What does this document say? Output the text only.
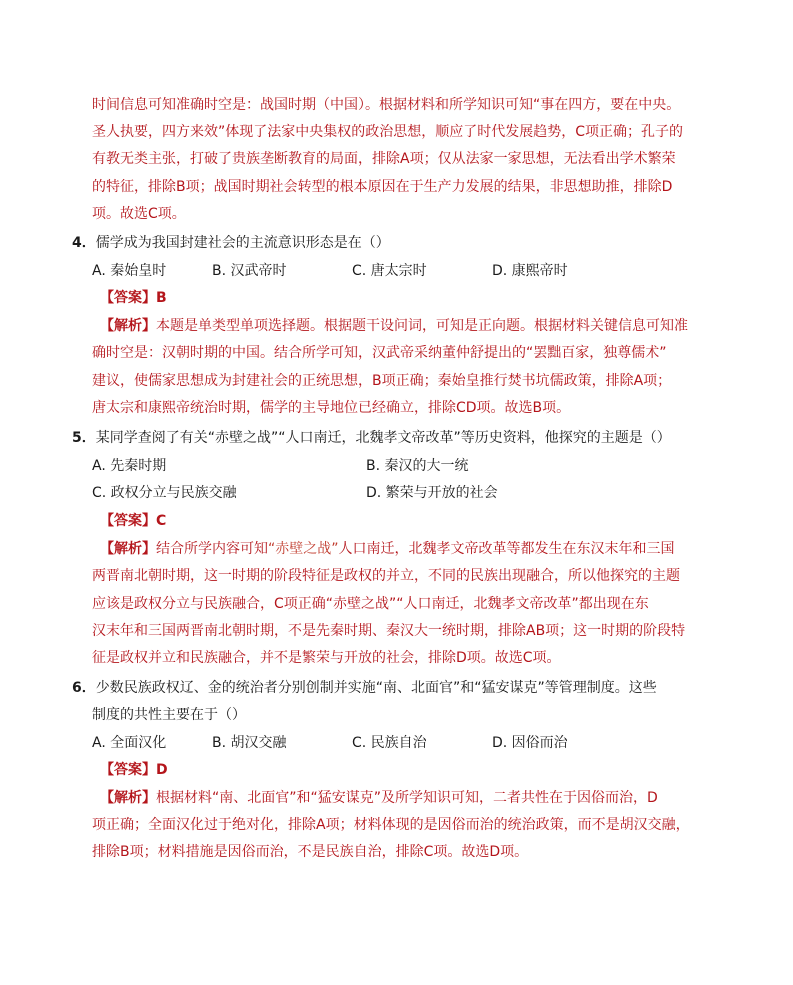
时间信息可知准确时空是：战国时期（中国）。根据材料和所学知识可知“事在四方，要在中央。
圣人执要，四方来效”体现了法家中央集权的政治思想，顺应了时代发展趋势，C项正确；孔子的
有教无类主张，打破了贵族垄断教育的局面，排除A项；仅从法家一家思想，无法看出学术繁荣
的特征，排除B项；战国时期社会转型的根本原因在于生产力发展的结果，非思想助推，排除D
项。故选C项。
4．儒学成为我国封建社会的主流意识形态是在（）
A. 秦始皇时	B. 汉武帝时	C. 唐太宗时	D. 康熙帝时
【答案】B
【解析】本题是单类型单项选择题。根据题干设问词，可知是正向题。根据材料关键信息可知准
确时空是：汉朝时期的中国。结合所学可知，汉武帝采纳董仲舒提出的“罢黜百家，独尊儒术”
建议，使儒家思想成为封建社会的正统思想，B项正确；秦始皇推行焚书坑儒政策，排除A项；
唐太宗和康熙帝统治时期，儒学的主导地位已经确立，排除CD项。故选B项。
5．某同学查阅了有关“赤壁之战”“人口南迁，北魏孝文帝改革”等历史资料，他探究的主题是（）
A. 先秦时期	B. 秦汉的大一统
C. 政权分立与民族交融	D. 繁荣与开放的社会
【答案】C
【解析】结合所学内容可知“赤壁之战”人口南迁，北魏孝文帝改革等都发生在东汉末年和三国
两晋南北朝时期，这一时期的阶段特征是政权的并立，不同的民族出现融合，所以他探究的主题
应该是政权分立与民族融合，C项正确“赤壁之战”“人口南迁，北魏孝文帝改革”都出现在东
汉末年和三国两晋南北朝时期，不是先秦时期、秦汉大一统时期，排除AB项；这一时期的阶段特
征是政权并立和民族融合，并不是繁荣与开放的社会，排除D项。故选C项。
6．少数民族政权辽、金的统治者分别创制并实施“南、北面官”和“猛安谋克”等管理制度。这些
制度的共性主要在于（）
A. 全面汉化	B. 胡汉交融	C. 民族自治	D. 因俗而治
【答案】D
【解析】根据材料“南、北面官”和“猛安谋克”及所学知识可知，二者共性在于因俗而治，D
项正确；全面汉化过于绝对化，排除A项；材料体现的是因俗而治的统治政策，而不是胡汉交融，
排除B项；材料措施是因俗而治，不是民族自治，排除C项。故选D项。
